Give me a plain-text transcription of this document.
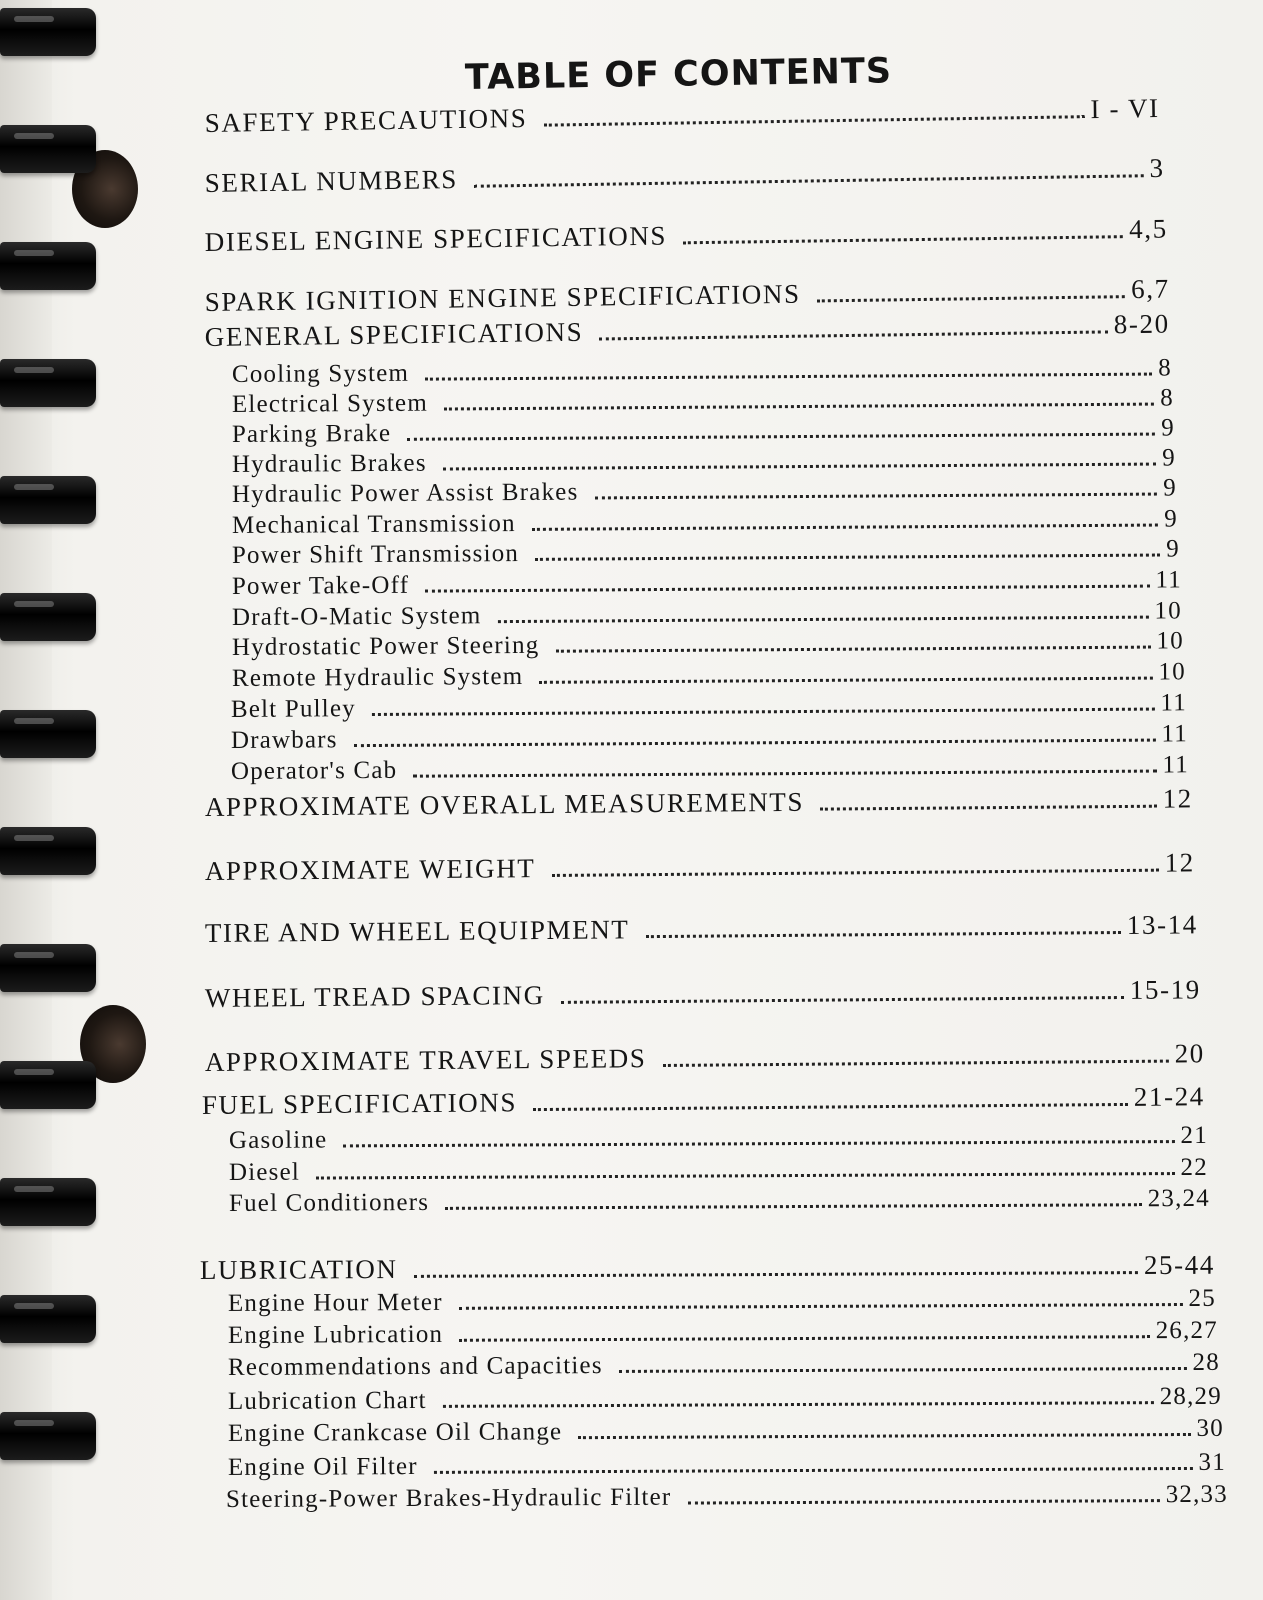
TABLE OF CONTENTS
SAFETY PRECAUTIONS	I - VI
SERIAL NUMBERS	3
DIESEL ENGINE SPECIFICATIONS	4,5
SPARK IGNITION ENGINE SPECIFICATIONS	6,7
GENERAL SPECIFICATIONS	8-20
Cooling System	8
Electrical System	8
Parking Brake	9
Hydraulic Brakes	9
Hydraulic Power Assist Brakes	9
Mechanical Transmission	9
Power Shift Transmission	9
Power Take-Off	11
Draft-O-Matic System	10
Hydrostatic Power Steering	10
Remote Hydraulic System	10
Belt Pulley	11
Drawbars	11
Operator's Cab	11
APPROXIMATE OVERALL MEASUREMENTS	12
APPROXIMATE WEIGHT	12
TIRE AND WHEEL EQUIPMENT	13-14
WHEEL TREAD SPACING	15-19
APPROXIMATE TRAVEL SPEEDS	20
FUEL SPECIFICATIONS	21-24
Gasoline	21
Diesel	22
Fuel Conditioners	23,24
LUBRICATION	25-44
Engine Hour Meter	25
Engine Lubrication	26,27
Recommendations and Capacities	28
Lubrication Chart	28,29
Engine Crankcase Oil Change	30
Engine Oil Filter	31
Steering-Power Brakes-Hydraulic Filter	32,33
